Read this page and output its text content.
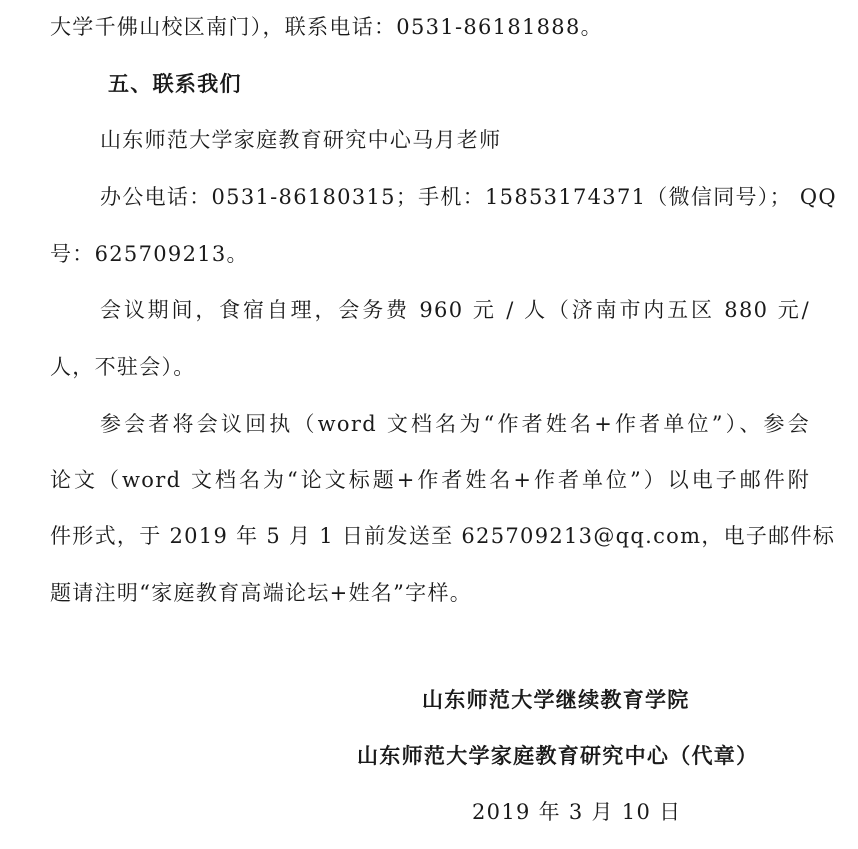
大学千佛山校区南门），联系电话：0531-86181888。
五、联系我们
山东师范大学家庭教育研究中心马月老师
办公电话：0531-86180315；手机：15853174371（微信同号）； QQ
号：625709213。
会议期间，食宿自理，会务费 960 元 / 人（济南市内五区 880 元/
人，不驻会）。
参会者将会议回执（word 文档名为“作者姓名+作者单位”）、参会
论文（word 文档名为“论文标题+作者姓名+作者单位”）以电子邮件附
件形式，于 2019 年 5 月 1 日前发送至 625709213@qq.com，电子邮件标
题请注明“家庭教育高端论坛+姓名”字样。
山东师范大学继续教育学院
山东师范大学家庭教育研究中心（代章）
2019 年 3 月 10 日
